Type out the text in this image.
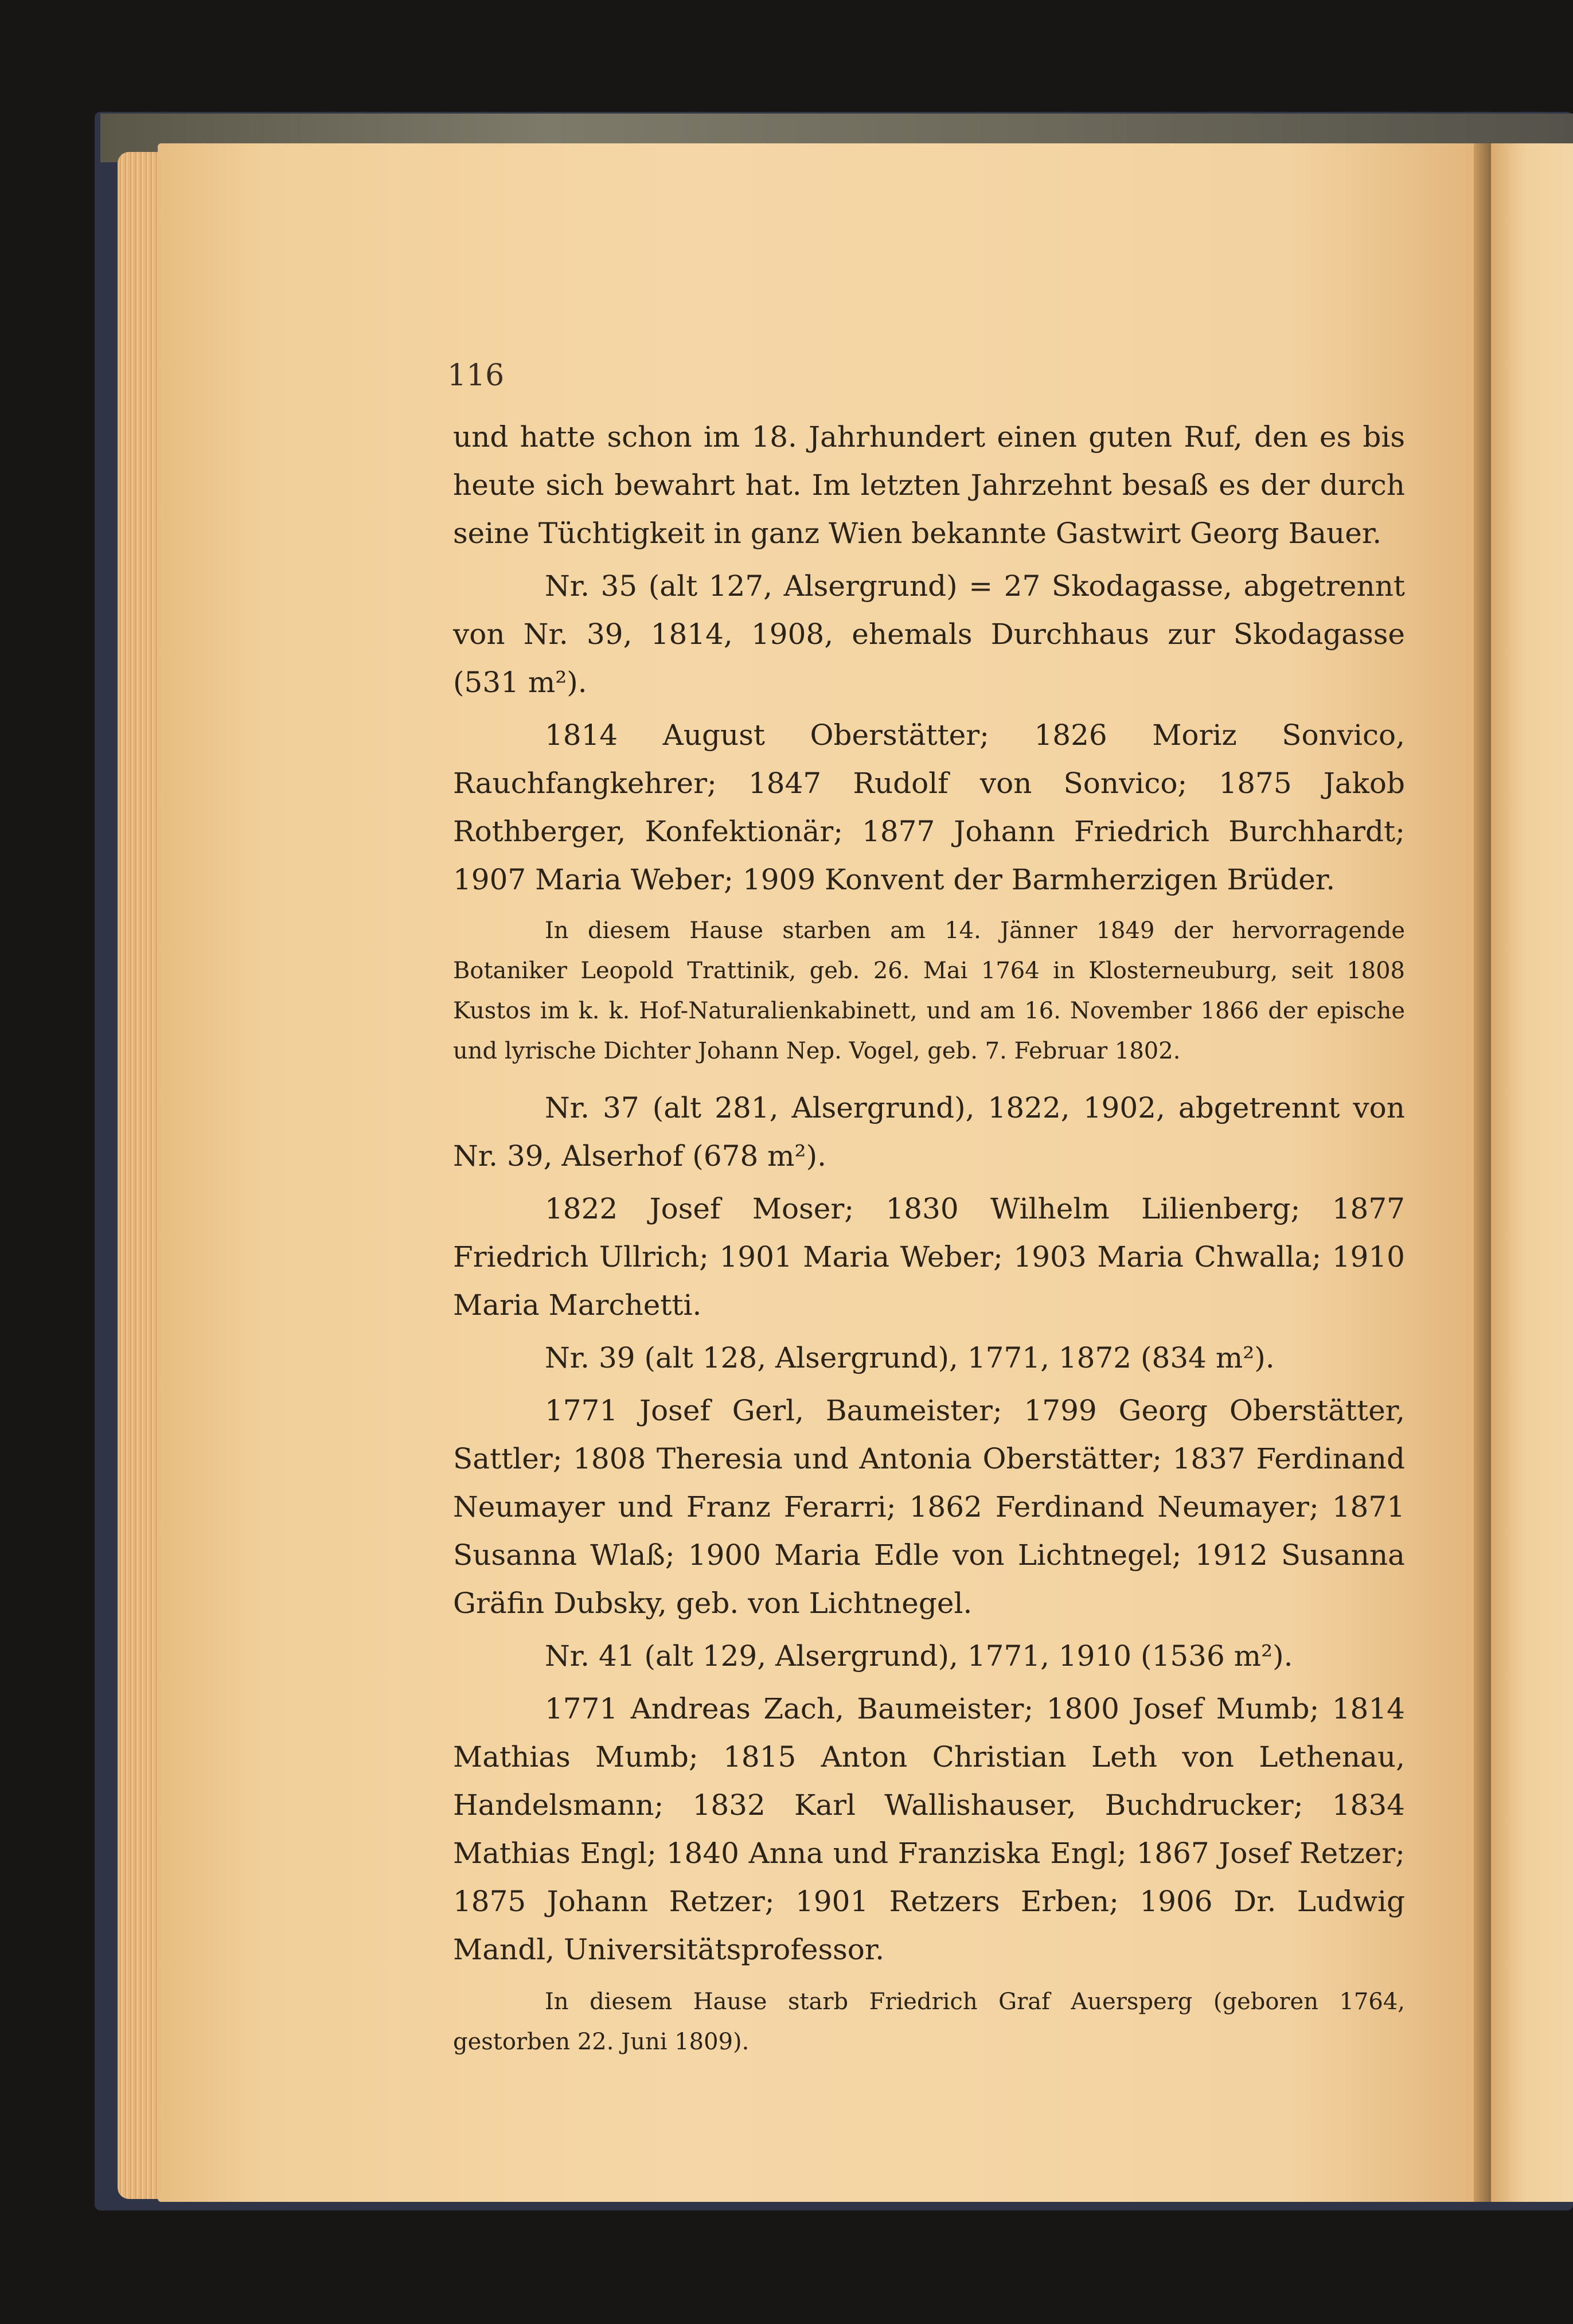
116

und hatte schon im 18. Jahrhundert einen guten Ruf, den es bis heute sich bewahrt hat. Im letzten Jahrzehnt besaß es der durch seine Tüchtigkeit in ganz Wien bekannte Gastwirt Georg Bauer.

Nr. 35 (alt 127, Alsergrund) = 27 Skodagasse, abgetrennt von Nr. 39, 1814, 1908, ehemals Durchhaus zur Skodagasse (531 m²).

1814 August Oberstätter; 1826 Moriz Sonvico, Rauchfangkehrer; 1847 Rudolf von Sonvico; 1875 Jakob Rothberger, Konfektionär; 1877 Johann Friedrich Burchhardt; 1907 Maria Weber; 1909 Konvent der Barmherzigen Brüder.

In diesem Hause starben am 14. Jänner 1849 der hervorragende Botaniker Leopold Trattinik, geb. 26. Mai 1764 in Klosterneuburg, seit 1808 Kustos im k. k. Hof-Naturalienkabinett, und am 16. November 1866 der epische und lyrische Dichter Johann Nep. Vogel, geb. 7. Februar 1802.

Nr. 37 (alt 281, Alsergrund), 1822, 1902, abgetrennt von Nr. 39, Alserhof (678 m²).

1822 Josef Moser; 1830 Wilhelm Lilienberg; 1877 Friedrich Ullrich; 1901 Maria Weber; 1903 Maria Chwalla; 1910 Maria Marchetti.

Nr. 39 (alt 128, Alsergrund), 1771, 1872 (834 m²).

1771 Josef Gerl, Baumeister; 1799 Georg Oberstätter, Sattler; 1808 Theresia und Antonia Oberstätter; 1837 Ferdinand Neumayer und Franz Ferarri; 1862 Ferdinand Neumayer; 1871 Susanna Wlaß; 1900 Maria Edle von Lichtnegel; 1912 Susanna Gräfin Dubsky, geb. von Lichtnegel.

Nr. 41 (alt 129, Alsergrund), 1771, 1910 (1536 m²).

1771 Andreas Zach, Baumeister; 1800 Josef Mumb; 1814 Mathias Mumb; 1815 Anton Christian Leth von Lethenau, Handelsmann; 1832 Karl Wallishauser, Buchdrucker; 1834 Mathias Engl; 1840 Anna und Franziska Engl; 1867 Josef Retzer; 1875 Johann Retzer; 1901 Retzers Erben; 1906 Dr. Ludwig Mandl, Universitätsprofessor.

In diesem Hause starb Friedrich Graf Auersperg (geboren 1764, gestorben 22. Juni 1809).
